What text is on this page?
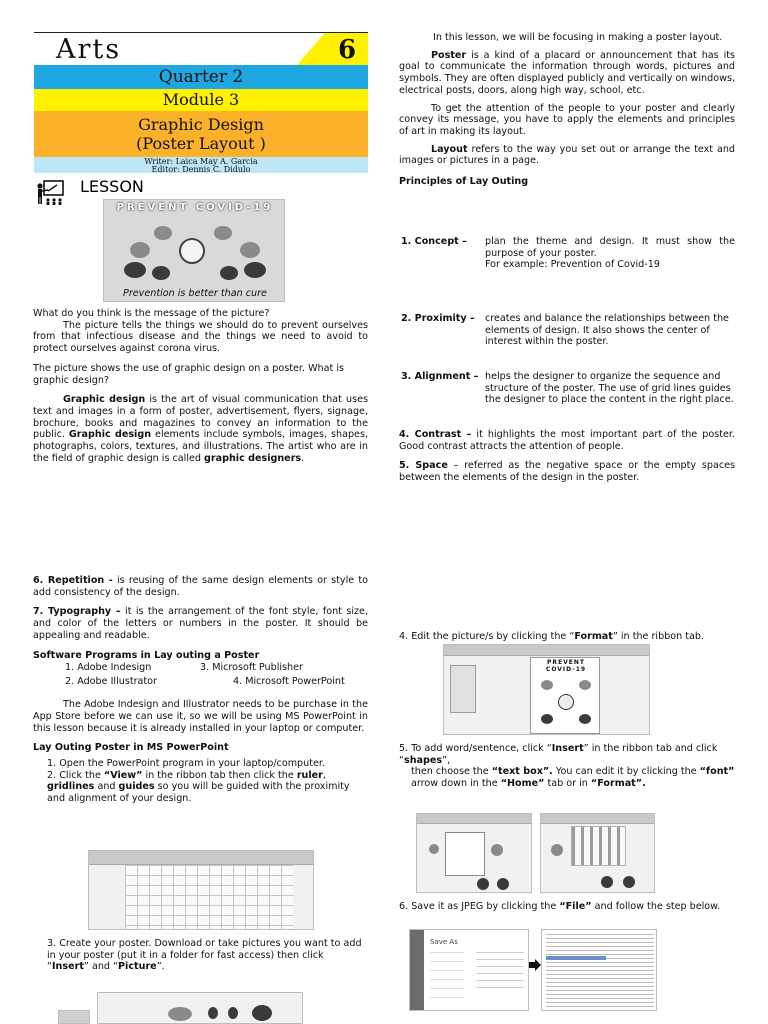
Arts	6
Quarter 2
Module 3
Graphic Design
(Poster Layout )
Writer: Laica May A. Garcia
Editor: Dennis C. Didulo
LESSON
PREVENT COVID-19
Prevention is better than cure

What do you think is the message of the picture?

The picture tells the things we should do to prevent ourselves from that infectious disease and the things we need to avoid to protect ourselves against corona virus.

The picture shows the use of graphic design on a poster. What is graphic design?

Graphic design is the art of visual communication that uses text and images in a form of poster, advertisement, flyers, signage, brochure, books and magazines to convey an information to the public. Graphic design elements include symbols, images, shapes, photographs, colors, textures, and illustrations. The artist who are in the field of graphic design is called graphic designers.

6. Repetition - is reusing of the same design elements or style to add consistency of the design.

7. Typography – it is the arrangement of the font style, font size, and color of the letters or numbers in the poster. It should be appealing and readable.

Software Programs in Lay outing a Poster

1. Adobe Indesign	3. Microsoft Publisher
2. Adobe Illustrator	4. Microsoft PowerPoint

The Adobe Indesign and Illustrator needs to be purchase in the App Store before we can use it, so we will be using MS PowerPoint in this lesson because it is already installed in your laptop or computer.

Lay Outing Poster in MS PowerPoint

1. Open the PowerPoint program in your laptop/computer.

2. Click the “View” in the ribbon tab then click the ruler, gridlines and guides so you will be guided with the proximity and alignment of your design.

3. Create your poster. Download or take pictures you want to add in your poster (put it in a folder for fast access) then click “Insert” and “Picture”.

In this lesson, we will be focusing in making a poster layout.

Poster is a kind of a placard or announcement that has its goal to communicate the information through words, pictures and symbols. They are often displayed publicly and vertically on windows, electrical posts, doors, along high way, school, etc.

To get the attention of the people to your poster and clearly convey its message, you have to apply the elements and principles of art in making its layout.

Layout refers to the way you set out or arrange the text and images or pictures in a page.

Principles of Lay Outing

1. Concept – plan the theme and design. It must show the purpose of your poster.

For example: Prevention of Covid-19

2. Proximity – creates and balance the relationships between the elements of design. It also shows the center of interest within the poster.

3. Alignment – helps the designer to organize the sequence and structure of the poster. The use of grid lines guides the designer to place the content in the right place.

4. Contrast – it highlights the most important part of the poster. Good contrast attracts the attention of people.

5. Space – referred as the negative space or the empty spaces between the elements of the design in the poster.

4. Edit the picture/s by clicking the “Format” in the ribbon tab.

PREVENT COVID-19

5. To add word/sentence, click “Insert” in the ribbon tab and click “shapes”,

then choose the “text box”. You can edit it by clicking the “font” arrow down in the “Home” tab or in “Format”.

6. Save it as JPEG by clicking the “File” and follow the step below.

Save As
